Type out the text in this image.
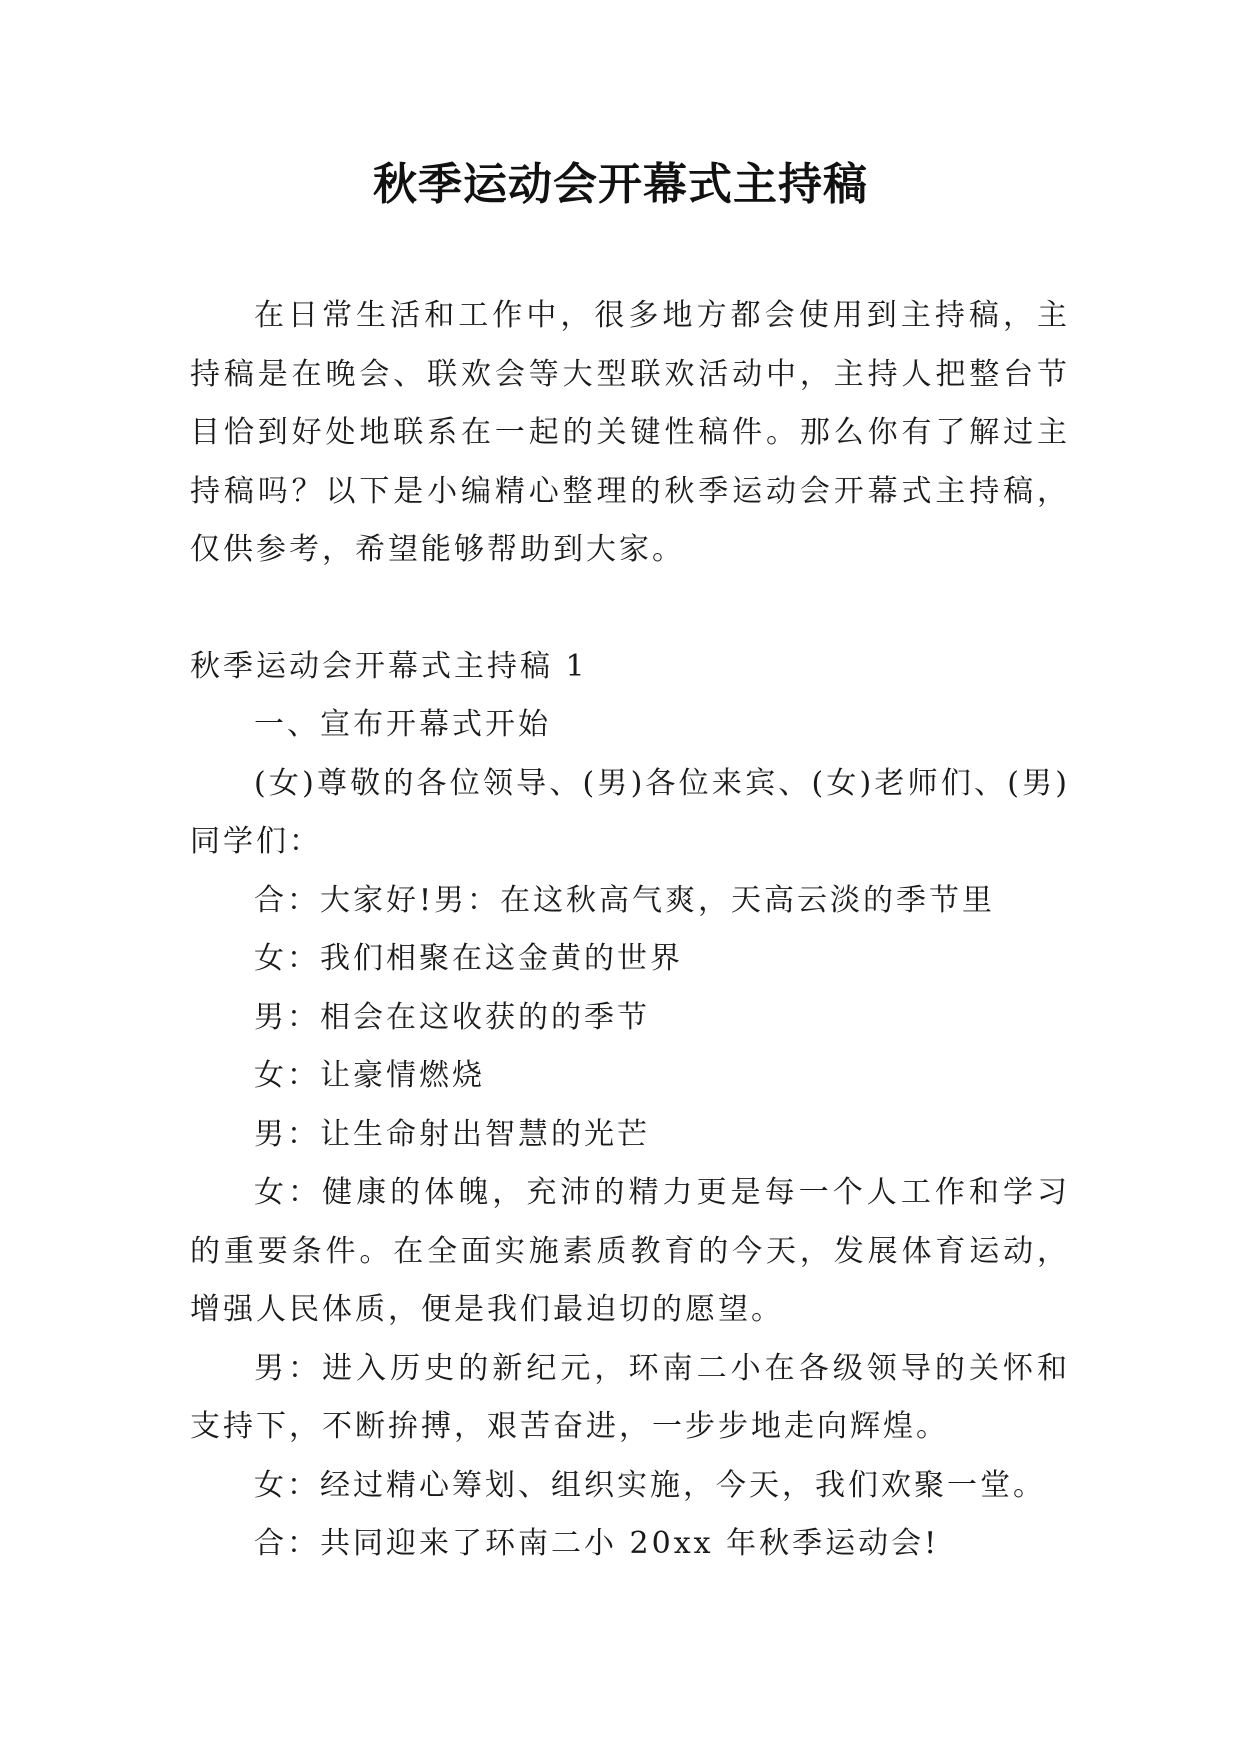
秋季运动会开幕式主持稿

在日常生活和工作中，很多地方都会使用到主持稿，主持稿是在晚会、联欢会等大型联欢活动中，主持人把整台节目恰到好处地联系在一起的关键性稿件。那么你有了解过主持稿吗？以下是小编精心整理的秋季运动会开幕式主持稿，仅供参考，希望能够帮助到大家。

秋季运动会开幕式主持稿 1

一、宣布开幕式开始

(女)尊敬的各位领导、(男)各位来宾、(女)老师们、(男)同学们：

合：大家好!男：在这秋高气爽，天高云淡的季节里

女：我们相聚在这金黄的世界

男：相会在这收获的的季节

女：让豪情燃烧

男：让生命射出智慧的光芒

女：健康的体魄，充沛的精力更是每一个人工作和学习的重要条件。在全面实施素质教育的今天，发展体育运动，增强人民体质，便是我们最迫切的愿望。

男：进入历史的新纪元，环南二小在各级领导的关怀和支持下，不断拚搏，艰苦奋进，一步步地走向辉煌。

女：经过精心筹划、组织实施，今天，我们欢聚一堂。

合：共同迎来了环南二小 20xx 年秋季运动会!
